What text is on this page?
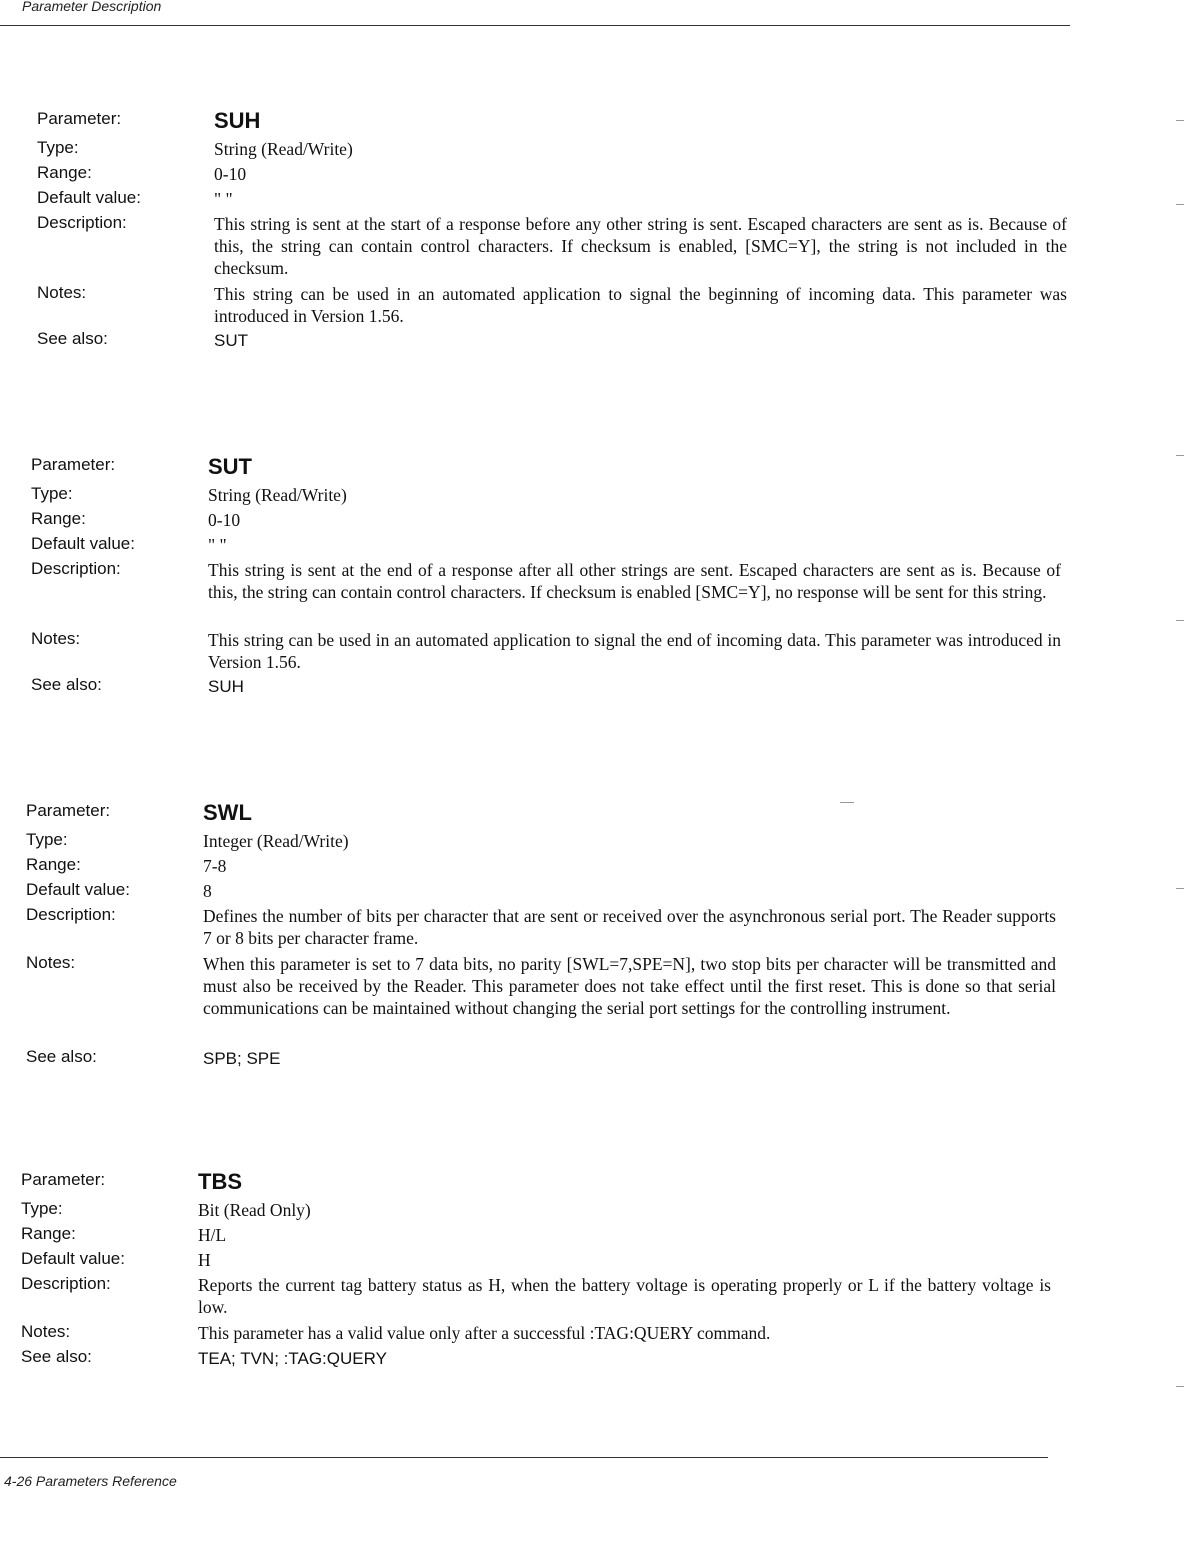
Parameter Description
Parameter:	SUH
Type:	String (Read/Write)
Range:	0-10
Default value:	" "
Description:	This string is sent at the start of a response before any other string is sent. Escaped characters are sent as is. Because of this, the string can contain control characters. If checksum is enabled, [SMC=Y], the string is not included in the checksum.
Notes:	This string can be used in an automated application to signal the beginning of incoming data. This parameter was introduced in Version 1.56.
See also:	SUT
Parameter:	SUT
Type:	String (Read/Write)
Range:	0-10
Default value:	" "
Description:	This string is sent at the end of a response after all other strings are sent. Escaped characters are sent as is. Because of this, the string can contain control characters. If checksum is enabled [SMC=Y], no response will be sent for this string.
Notes:	This string can be used in an automated application to signal the end of incoming data. This parameter was introduced in Version 1.56.
See also:	SUH
Parameter:	SWL
Type:	Integer (Read/Write)
Range:	7-8
Default value:	8
Description:	Defines the number of bits per character that are sent or received over the asynchronous serial port. The Reader supports 7 or 8 bits per character frame.
Notes:	When this parameter is set to 7 data bits, no parity [SWL=7,SPE=N], two stop bits per character will be transmitted and must also be received by the Reader. This parameter does not take effect until the first reset. This is done so that serial communications can be maintained without changing the serial port settings for the controlling instrument.
See also:	SPB; SPE
Parameter:	TBS
Type:	Bit (Read Only)
Range:	H/L
Default value:	H
Description:	Reports the current tag battery status as H, when the battery voltage is operating properly or L if the battery voltage is low.
Notes:	This parameter has a valid value only after a successful :TAG:QUERY command.
See also:	TEA; TVN; :TAG:QUERY
4-26 Parameters Reference
